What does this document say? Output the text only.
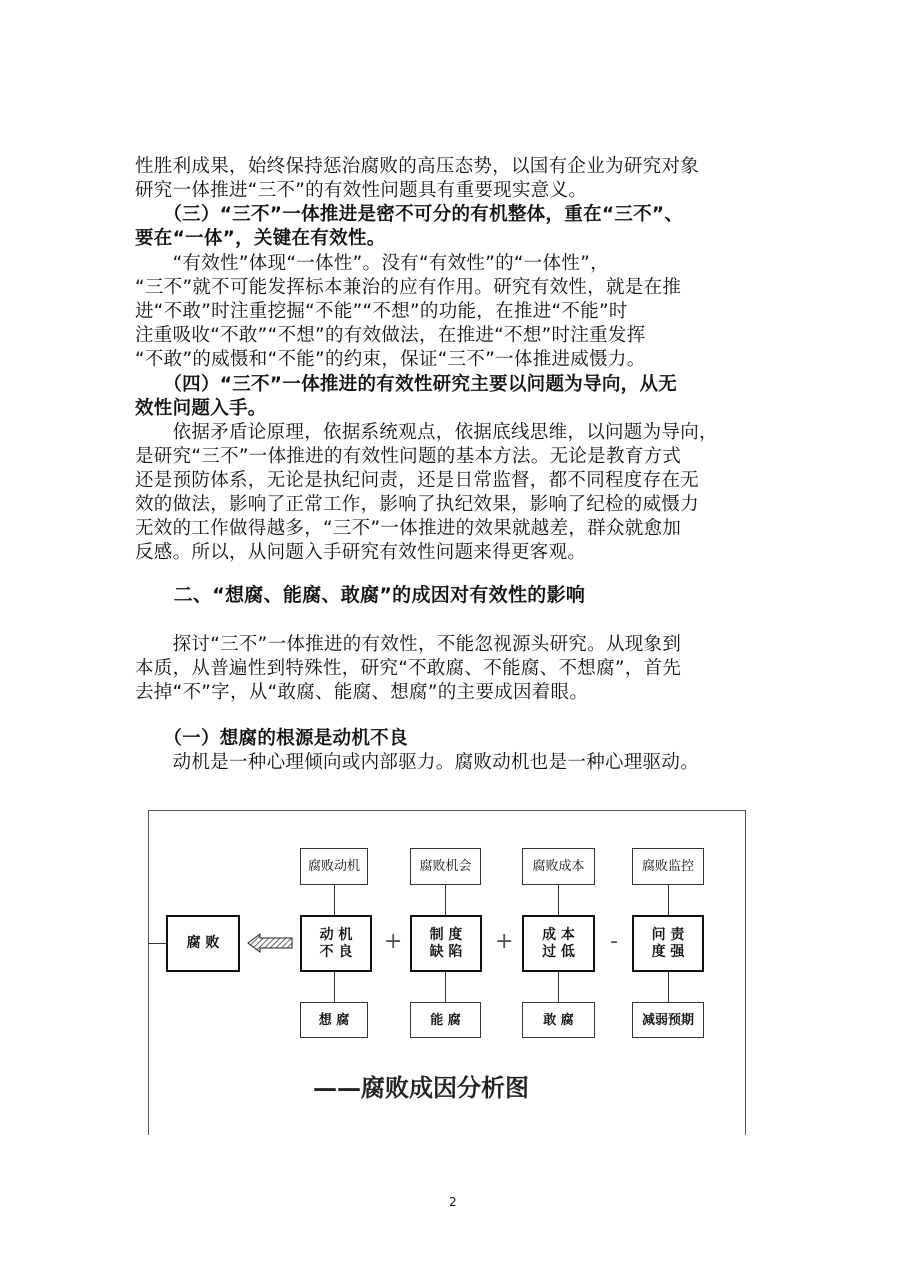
性胜利成果，始终保持惩治腐败的高压态势，以国有企业为研究对象
研究一体推进“三不”的有效性问题具有重要现实意义。
　　（三）“三不”一体推进是密不可分的有机整体，重在“三不”、
要在“一体”，关键在有效性。
　　“有效性”体现“一体性”。没有“有效性”的“一体性”，
“三不”就不可能发挥标本兼治的应有作用。研究有效性，就是在推
进“不敢”时注重挖掘“不能”“不想”的功能，在推进“不能”时
注重吸收“不敢”“不想”的有效做法，在推进“不想”时注重发挥
“不敢”的威慑和“不能”的约束，保证“三不”一体推进威慑力。
　　（四）“三不”一体推进的有效性研究主要以问题为导向，从无
效性问题入手。
　　依据矛盾论原理，依据系统观点，依据底线思维，以问题为导向，
是研究“三不”一体推进的有效性问题的基本方法。无论是教育方式
还是预防体系，无论是执纪问责，还是日常监督，都不同程度存在无
效的做法，影响了正常工作，影响了执纪效果，影响了纪检的威慑力
无效的工作做得越多，“三不”一体推进的效果就越差，群众就愈加
反感。所以，从问题入手研究有效性问题来得更客观。
　　二、“想腐、能腐、敢腐”的成因对有效性的影响
　　探讨“三不”一体推进的有效性，不能忽视源头研究。从现象到
本质，从普遍性到特殊性，研究“不敢腐、不能腐、不想腐”，首先
去掉“不”字，从“敢腐、能腐、想腐”的主要成因着眼。
　　（一）想腐的根源是动机不良
　　动机是一种心理倾向或内部驱力。腐败动机也是一种心理驱动。
腐败动机	腐败机会	腐败成本	腐败监控
腐 败
动 机
不 良
制 度
缺 陷
成 本
过 低
问 责
度 强
+	+	-
想 腐	能 腐	敢 腐	减弱预期
——腐败成因分析图
2
